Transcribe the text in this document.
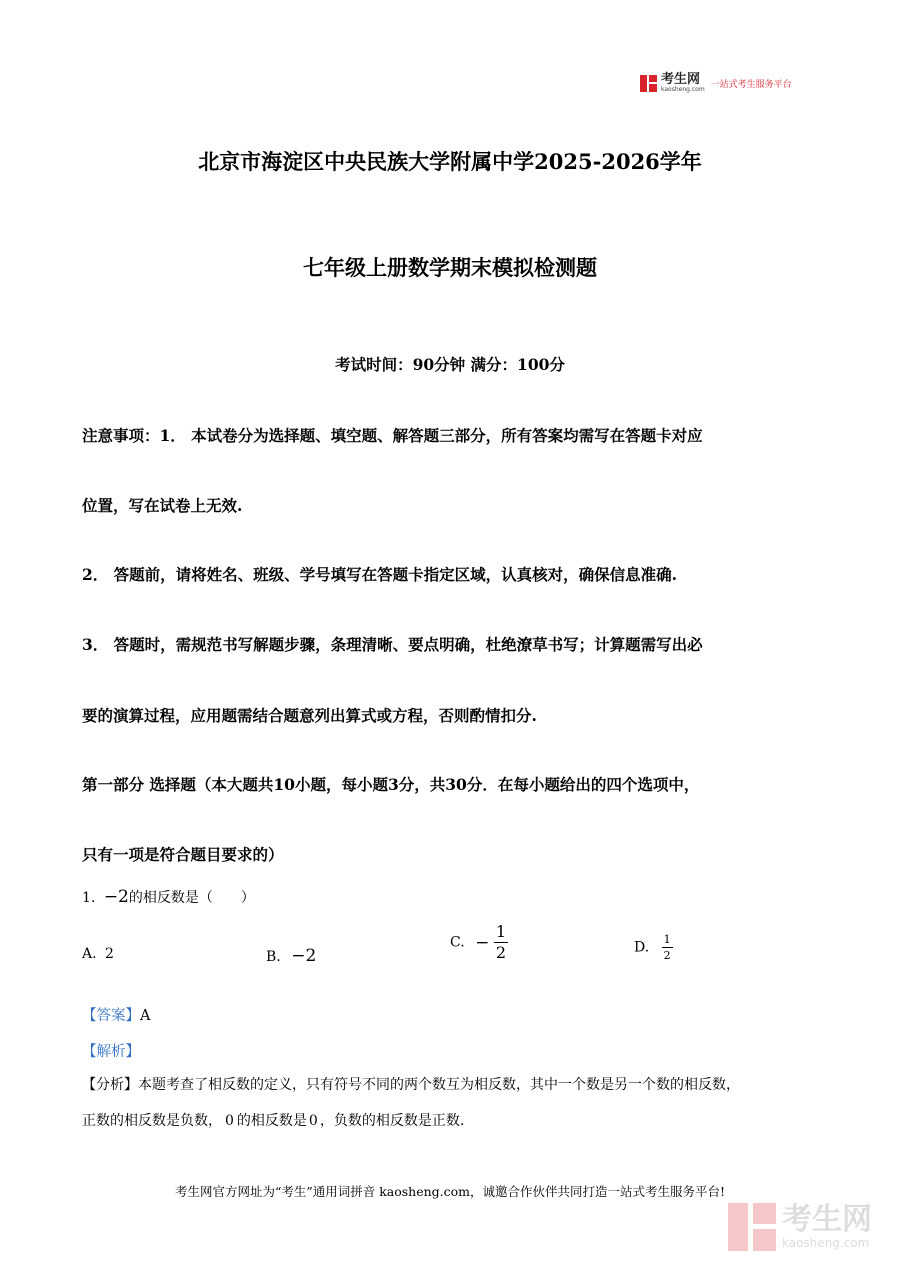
考生网
kaosheng.com 一站式考生服务平台
北京市海淀区中央民族大学附属中学2025-2026学年
七年级上册数学期末模拟检测题
考试时间：90分钟 满分：100分
注意事项：1． 本试卷分为选择题、填空题、解答题三部分，所有答案均需写在答题卡对应
位置，写在试卷上无效.
2． 答题前，请将姓名、班级、学号填写在答题卡指定区域，认真核对，确保信息准确.
3． 答题时，需规范书写解题步骤，条理清晰、要点明确，杜绝潦草书写；计算题需写出必
要的演算过程，应用题需结合题意列出算式或方程，否则酌情扣分.
第一部分 选择题（本大题共10小题，每小题3分，共30分．在每小题给出的四个选项中，
只有一项是符合题目要求的）
1. −2的相反数是（　　）
A. 2	B. −2
C. − $\frac{1}{2}$	D. $\frac{1}{2}$
【答案】A
【解析】
【分析】本题考查了相反数的定义，只有符号不同的两个数互为相反数，其中一个数是另一个数的相反数，
正数的相反数是负数， 0 的相反数是 0 ，负数的相反数是正数.
考生网官方网址为“考生”通用词拼音 kaosheng.com，诚邀合作伙伴共同打造一站式考生服务平台!
考生网
kaosheng.com
